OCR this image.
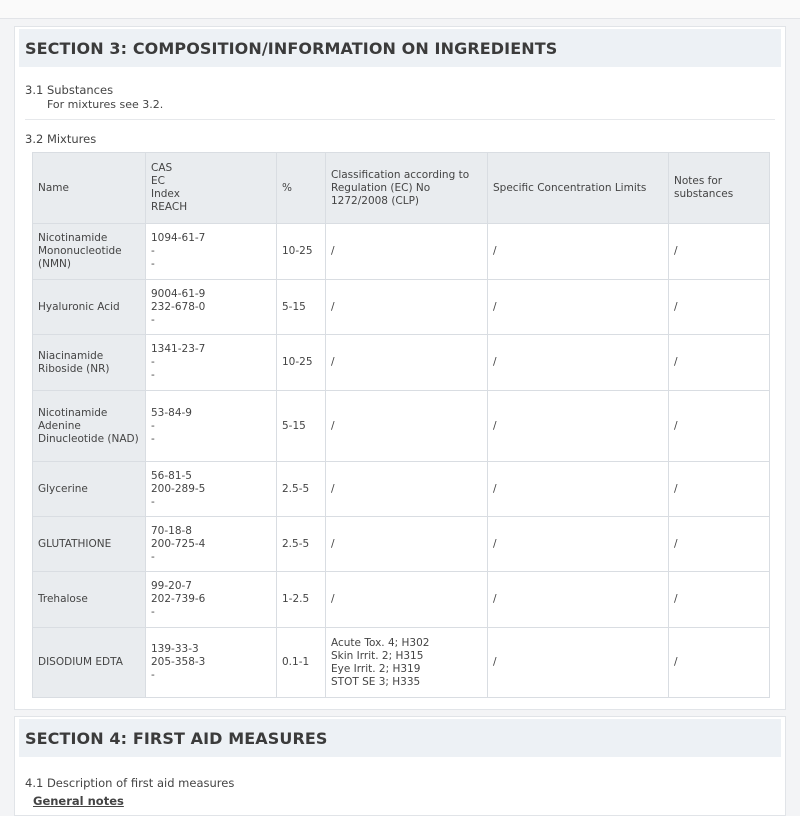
SECTION 3: COMPOSITION/INFORMATION ON INGREDIENTS
3.1 Substances
For mixtures see 3.2.
3.2 Mixtures
Name	CAS
EC
Index
REACH	%	Classification according to Regulation (EC) No 1272/2008 (CLP)	Specific Concentration Limits	Notes for substances
Nicotinamide Mononucleotide (NMN)	1094-61-7
-
-	10-25	/	/	/
Hyaluronic Acid	9004-61-9
232-678-0
-	5-15	/	/	/
Niacinamide Riboside (NR)	1341-23-7
-
-	10-25	/	/	/
Nicotinamide Adenine Dinucleotide (NAD)	53-84-9
-
-	5-15	/	/	/
Glycerine	56-81-5
200-289-5
-	2.5-5	/	/	/
GLUTATHIONE	70-18-8
200-725-4
-	2.5-5	/	/	/
Trehalose	99-20-7
202-739-6
-	1-2.5	/	/	/
DISODIUM EDTA	139-33-3
205-358-3
-	0.1-1	Acute Tox. 4; H302
Skin Irrit. 2; H315
Eye Irrit. 2; H319
STOT SE 3; H335	/	/
SECTION 4: FIRST AID MEASURES
4.1 Description of first aid measures
General notes
